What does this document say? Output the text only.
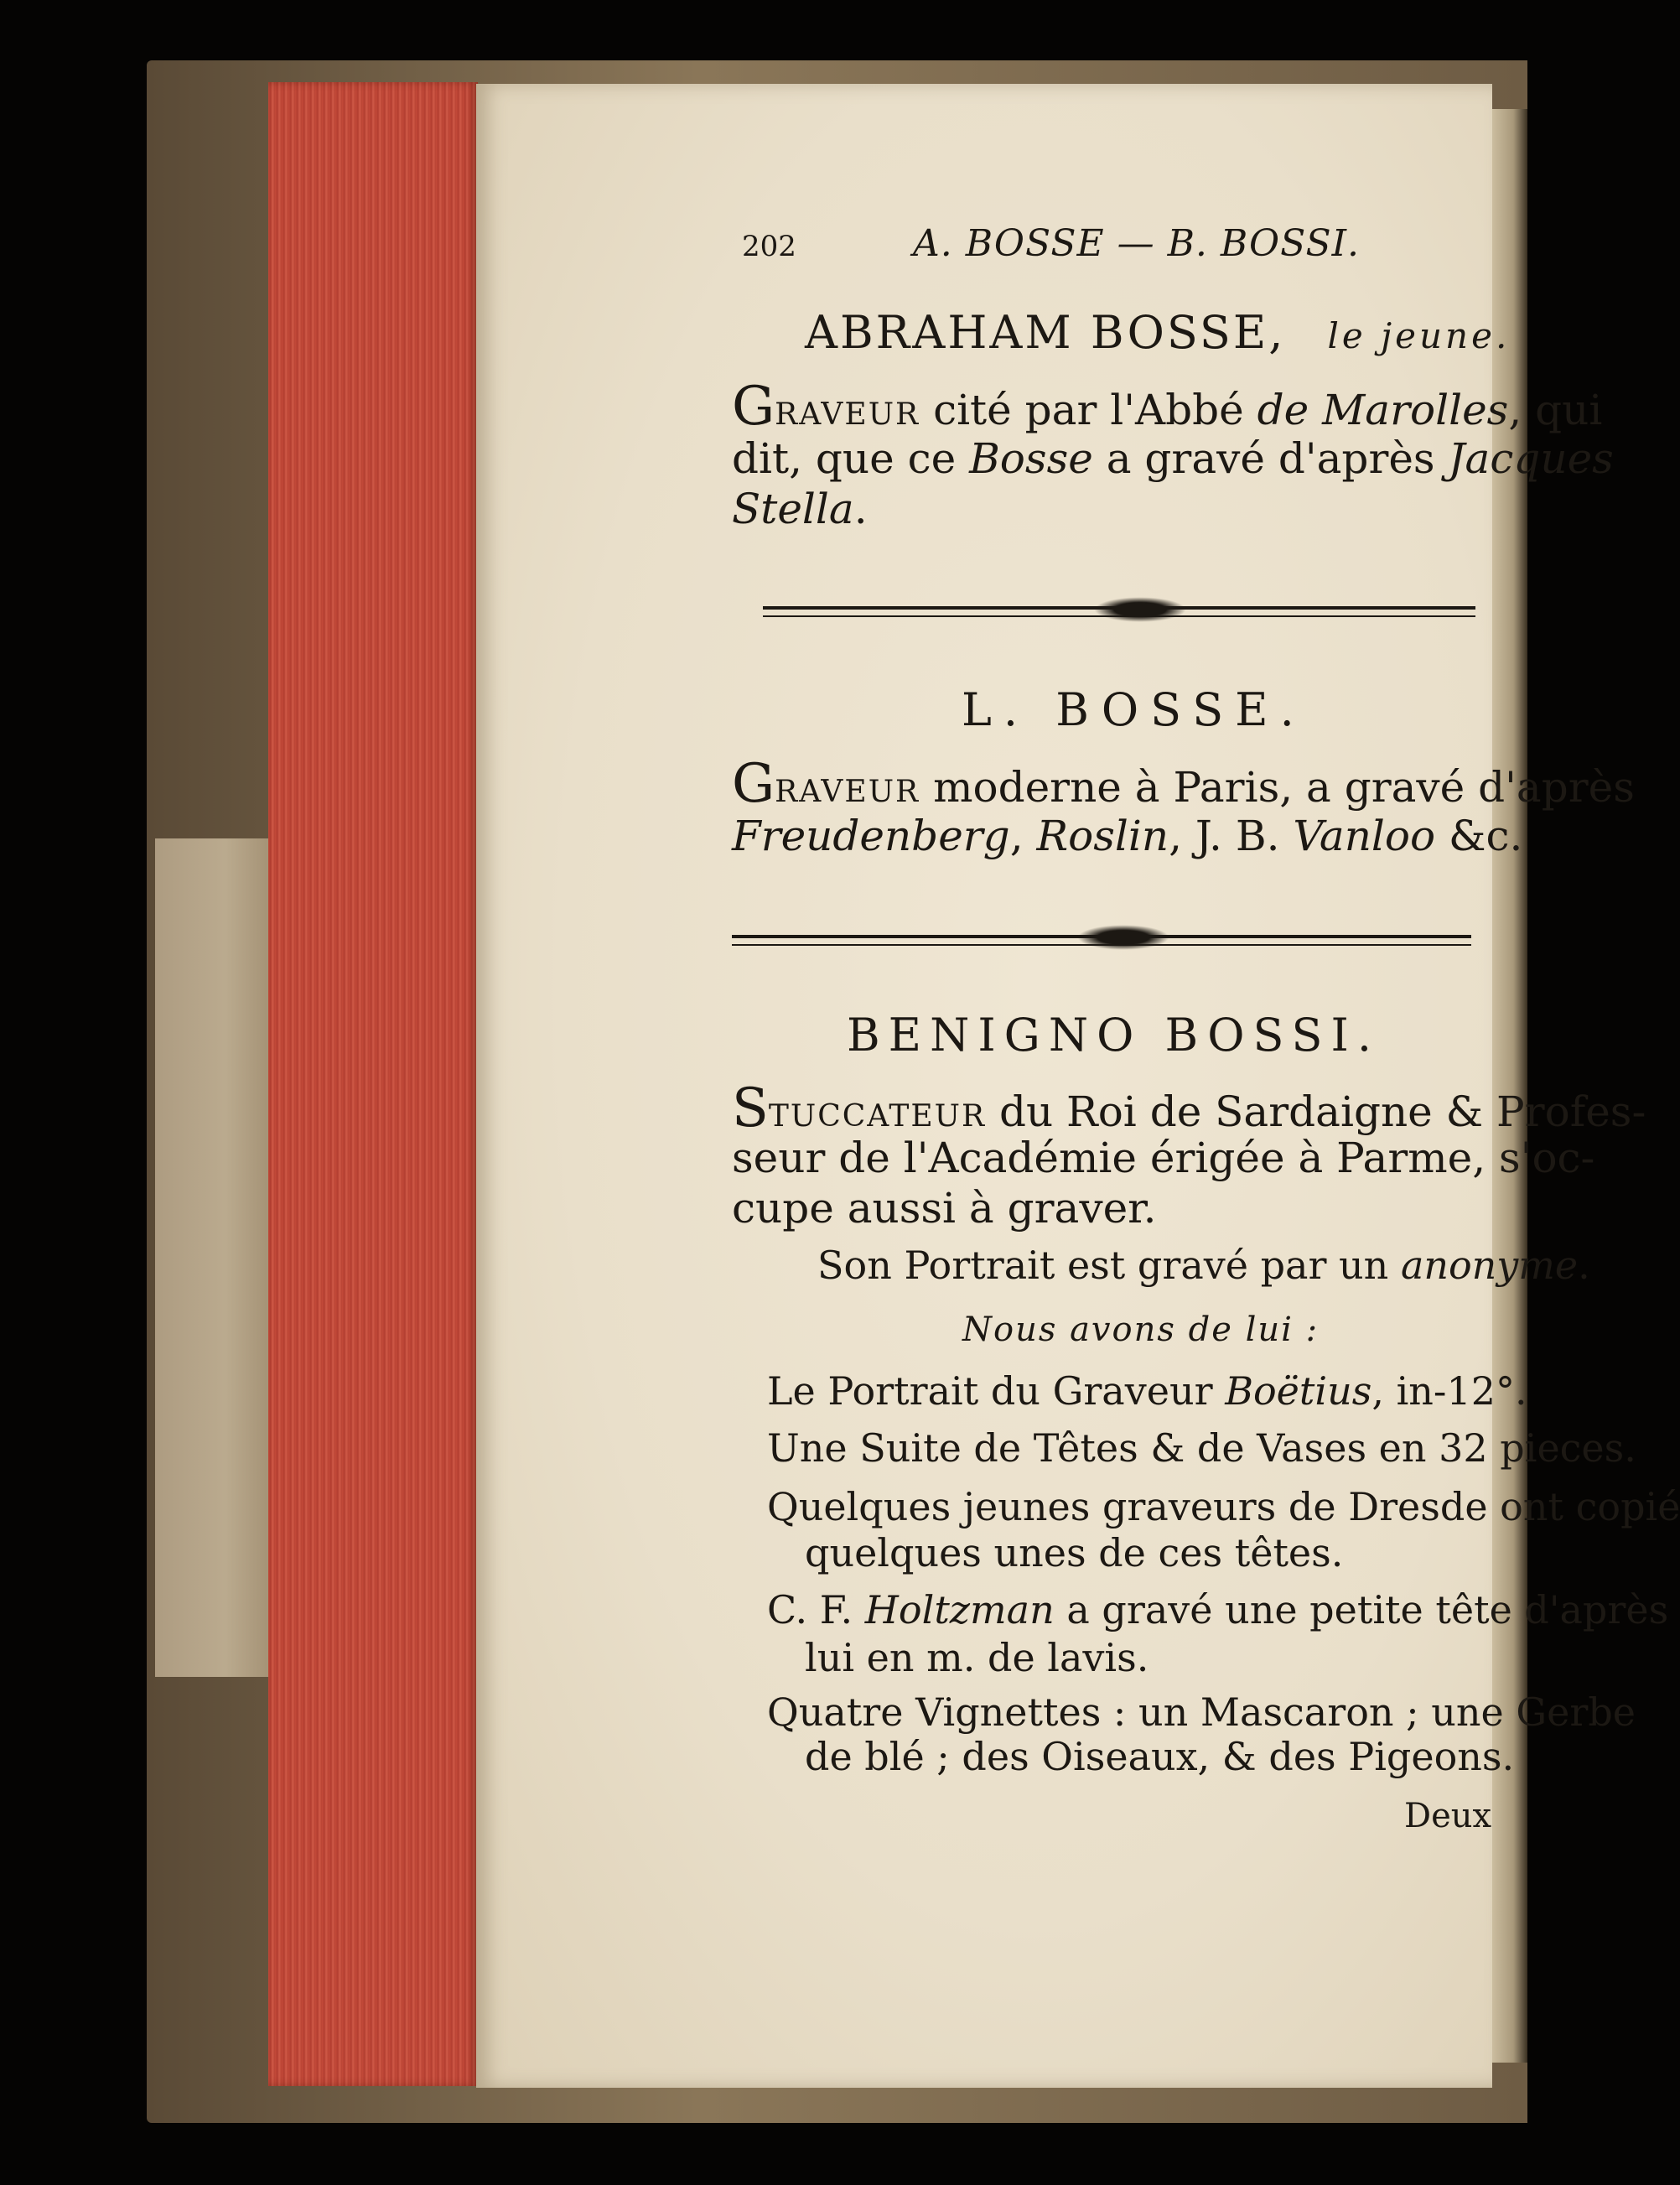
202	A. BOSSE — B. BOSSI.
ABRAHAM BOSSE, le jeune.
GRAVEUR cité par l'Abbé de Marolles, qui
dit, que ce Bosse a gravé d'après Jacques
Stella.
L. BOSSE.
GRAVEUR moderne à Paris, a gravé d'après
Freudenberg, Roslin, J. B. Vanloo &c.
BENIGNO BOSSI.
STUCCATEUR du Roi de Sardaigne & Profes-
seur de l'Académie érigée à Parme, s'oc-
cupe aussi à graver.
Son Portrait est gravé par un anonyme.
Nous avons de lui :
Le Portrait du Graveur Boëtius, in-12°.
Une Suite de Têtes & de Vases en 32 pieces.
Quelques jeunes graveurs de Dresde ont copié
quelques unes de ces têtes.
C. F. Holtzman a gravé une petite tête d'après
lui en m. de lavis.
Quatre Vignettes : un Mascaron ; une Gerbe
de blé ; des Oiseaux, & des Pigeons.
Deux
